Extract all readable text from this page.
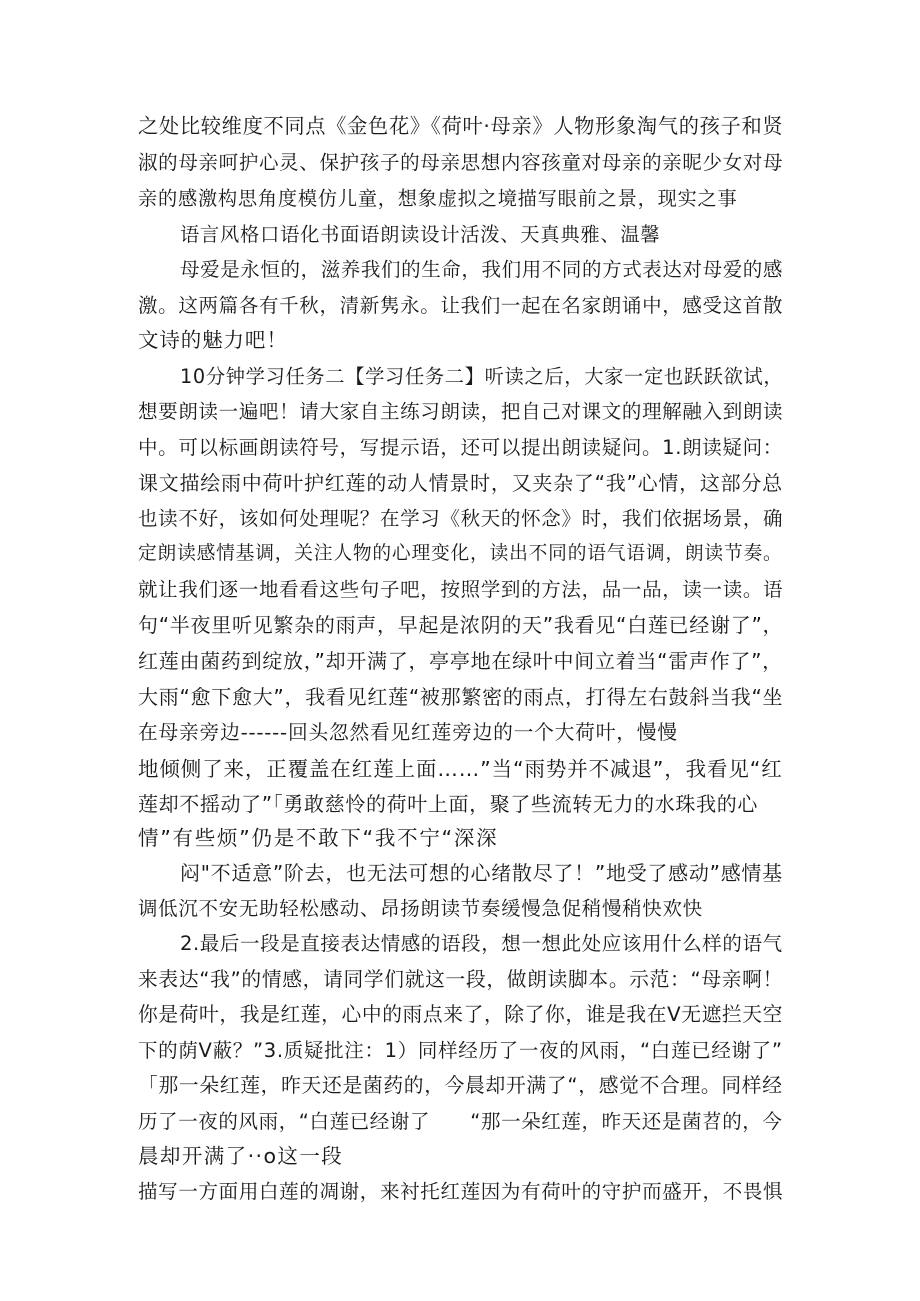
之处比较维度不同点《金色花》《荷叶·母亲》人物形象淘气的孩子和贤
淑的母亲呵护心灵、保护孩子的母亲思想内容孩童对母亲的亲昵少女对母
亲的感激构思角度模仿儿童，想象虚拟之境描写眼前之景，现实之事
语言风格口语化书面语朗读设计活泼、天真典雅、温馨
母爱是永恒的，滋养我们的生命，我们用不同的方式表达对母爱的感
激。这两篇各有千秋，清新隽永。让我们一起在名家朗诵中，感受这首散
文诗的魅力吧！
10分钟学习任务二【学习任务二】听读之后，大家一定也跃跃欲试，
想要朗读一遍吧！请大家自主练习朗读，把自己对课文的理解融入到朗读
中。可以标画朗读符号，写提示语，还可以提出朗读疑问。1.朗读疑问：
课文描绘雨中荷叶护红莲的动人情景时，又夹杂了“我”心情，这部分总
也读不好，该如何处理呢？在学习《秋天的怀念》时，我们依据场景，确
定朗读感情基调，关注人物的心理变化，读出不同的语气语调，朗读节奏。
就让我们逐一地看看这些句子吧，按照学到的方法，品一品，读一读。语
句“半夜里听见繁杂的雨声，早起是浓阴的天”我看见“白莲已经谢了”，
红莲由菌药到绽放，”却开满了，亭亭地在绿叶中间立着当“雷声作了”，
大雨“愈下愈大”，我看见红莲“被那繁密的雨点，打得左右鼓斜当我“坐
在母亲旁边------回头忽然看见红莲旁边的一个大荷叶，慢慢
地倾侧了来，正覆盖在红莲上面……”当“雨势并不减退”，我看见“红
莲却不摇动了”「勇敢慈怜的荷叶上面，聚了些流转无力的水珠我的心
情”有些烦”仍是不敢下“我不宁“深深
闷"不适意”阶去，也无法可想的心绪散尽了！”地受了感动”感情基
调低沉不安无助轻松感动、昂扬朗读节奏缓慢急促稍慢稍快欢快
2.最后一段是直接表达情感的语段，想一想此处应该用什么样的语气
来表达“我”的情感，请同学们就这一段，做朗读脚本。示范：“母亲啊！
你是荷叶，我是红莲，心中的雨点来了，除了你，谁是我在V无遮拦天空
下的荫V蔽？”3.质疑批注：1）同样经历了一夜的风雨，“白莲已经谢了”
「那一朵红莲，昨天还是菌药的，今晨却开满了“，感觉不合理。同样经
历了一夜的风雨，“白莲已经谢了　　“那一朵红莲，昨天还是菌苕的，今
晨却开满了··o这一段
描写一方面用白莲的凋谢，来衬托红莲因为有荷叶的守护而盛开，不畏惧
